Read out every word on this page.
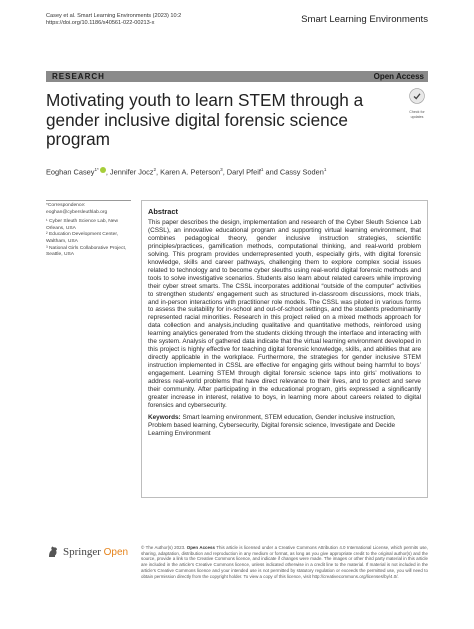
Casey et al. Smart Learning Environments (2023) 10:2
https://doi.org/10.1186/s40561-022-00213-x	Smart Learning Environments
RESEARCH	Open Access
Check for
updates
Motivating youth to learn STEM through a gender inclusive digital forensic science program
Eoghan Casey$^{1*}$ , Jennifer Jocz$^2$, Karen A. Peterson$^3$, Daryl Pfeif$^1$ and Cassy Soden$^1$
*Correspondence:
eoghan@cybersleuthlab.org
¹ Cyber Sleuth Science Lab, New Orleans, USA
² Education Development Center, Waltham, USA
³ National Girls Collaborative Project, Seattle, USA
Abstract

This paper describes the design, implementation and research of the Cyber Sleuth Science Lab (CSSL), an innovative educational program and supporting virtual learning environment, that combines pedagogical theory, gender inclusive instruction strategies, scientific principles/practices, gamification methods, computational thinking, and real-world problem solving. This program provides underrepresented youth, especially girls, with digital forensic knowledge, skills and career pathways, challenging them to explore complex social issues related to technology and to become cyber sleuths using real-world digital forensic methods and tools to solve investigative scenarios. Students also learn about related careers while improving their cyber street smarts. The CSSL incorporates additional “outside of the computer” activities to strengthen students’ engagement such as structured in-classroom discussions, mock trials, and in-person interactions with practitioner role models. The CSSL was piloted in various forms to assess the suitability for in-school and out-of-school settings, and the students predominantly represented racial minorities. Research in this project relied on a mixed methods approach for data collection and analysis,including qualitative and quantitative methods, reinforced using learning analytics generated from the students clicking through the interface and interacting with the system. Analysis of gathered data indicate that the virtual learning environment developed in this project is highly effective for teaching digital forensic knowledge, skills, and abilities that are directly applicable in the workplace. Furthermore, the strategies for gender inclusive STEM instruction implemented in CSSL are effective for engaging girls without being harmful to boys’ engagement. Learning STEM through digital forensic science taps into girls’ motivations to address real-world problems that have direct relevance to their lives, and to protect and serve their community. After participating in the educational program, girls expressed a significantly greater increase in interest, relative to boys, in learning more about careers related to digital forensics and cybersecurity.

Keywords: Smart learning environment, STEM education, Gender inclusive instruction, Problem based learning, Cybersecurity, Digital forensic science, Investigate and Decide Learning Environment

Springer Open	© The Author(s) 2023. Open Access This article is licensed under a Creative Commons Attribution 4.0 International License, which permits use, sharing, adaptation, distribution and reproduction in any medium or format, as long as you give appropriate credit to the original author(s) and the source, provide a link to the Creative Commons licence, and indicate if changes were made. The images or other third party material in this article are included in the article’s Creative Commons licence, unless indicated otherwise in a credit line to the material. If material is not included in the article’s Creative Commons licence and your intended use is not permitted by statutory regulation or exceeds the permitted use, you will need to obtain permission directly from the copyright holder. To view a copy of this licence, visit http://creativecommons.org/licenses/by/4.0/.
